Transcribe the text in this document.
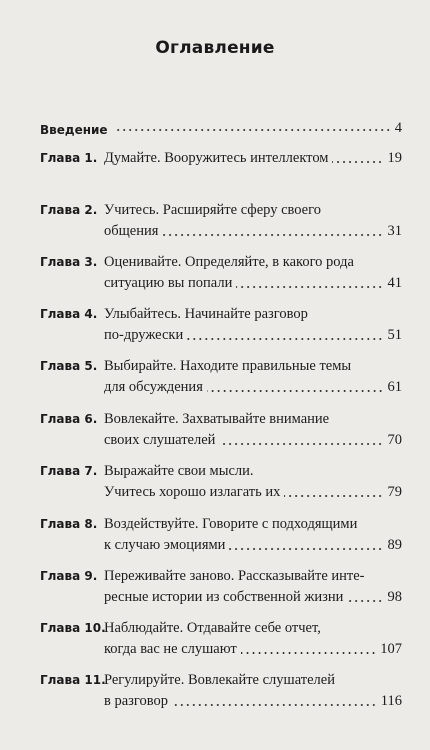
Оглавление
Введение	4
Глава 1. Думайте. Вооружитесь интеллектом	19
Глава 2. Учитесь. Расширяйте сферу своего
общения	31
Глава 3. Оценивайте. Определяйте, в какого рода
ситуацию вы попали	41
Глава 4. Улыбайтесь. Начинайте разговор
по-дружески	51
Глава 5. Выбирайте. Находите правильные темы
для обсуждения	61
Глава 6. Вовлекайте. Захватывайте внимание
своих слушателей	70
Глава 7. Выражайте свои мысли.
Учитесь хорошо излагать их	79
Глава 8. Воздействуйте. Говорите с подходящими
к случаю эмоциями	89
Глава 9. Переживайте заново. Рассказывайте инте-
ресные истории из собственной жизни	98
Глава 10.
Наблюдайте. Отдавайте себе отчет,
когда вас не слушают	107
Глава 11.
Регулируйте. Вовлекайте слушателей
в разговор	116
